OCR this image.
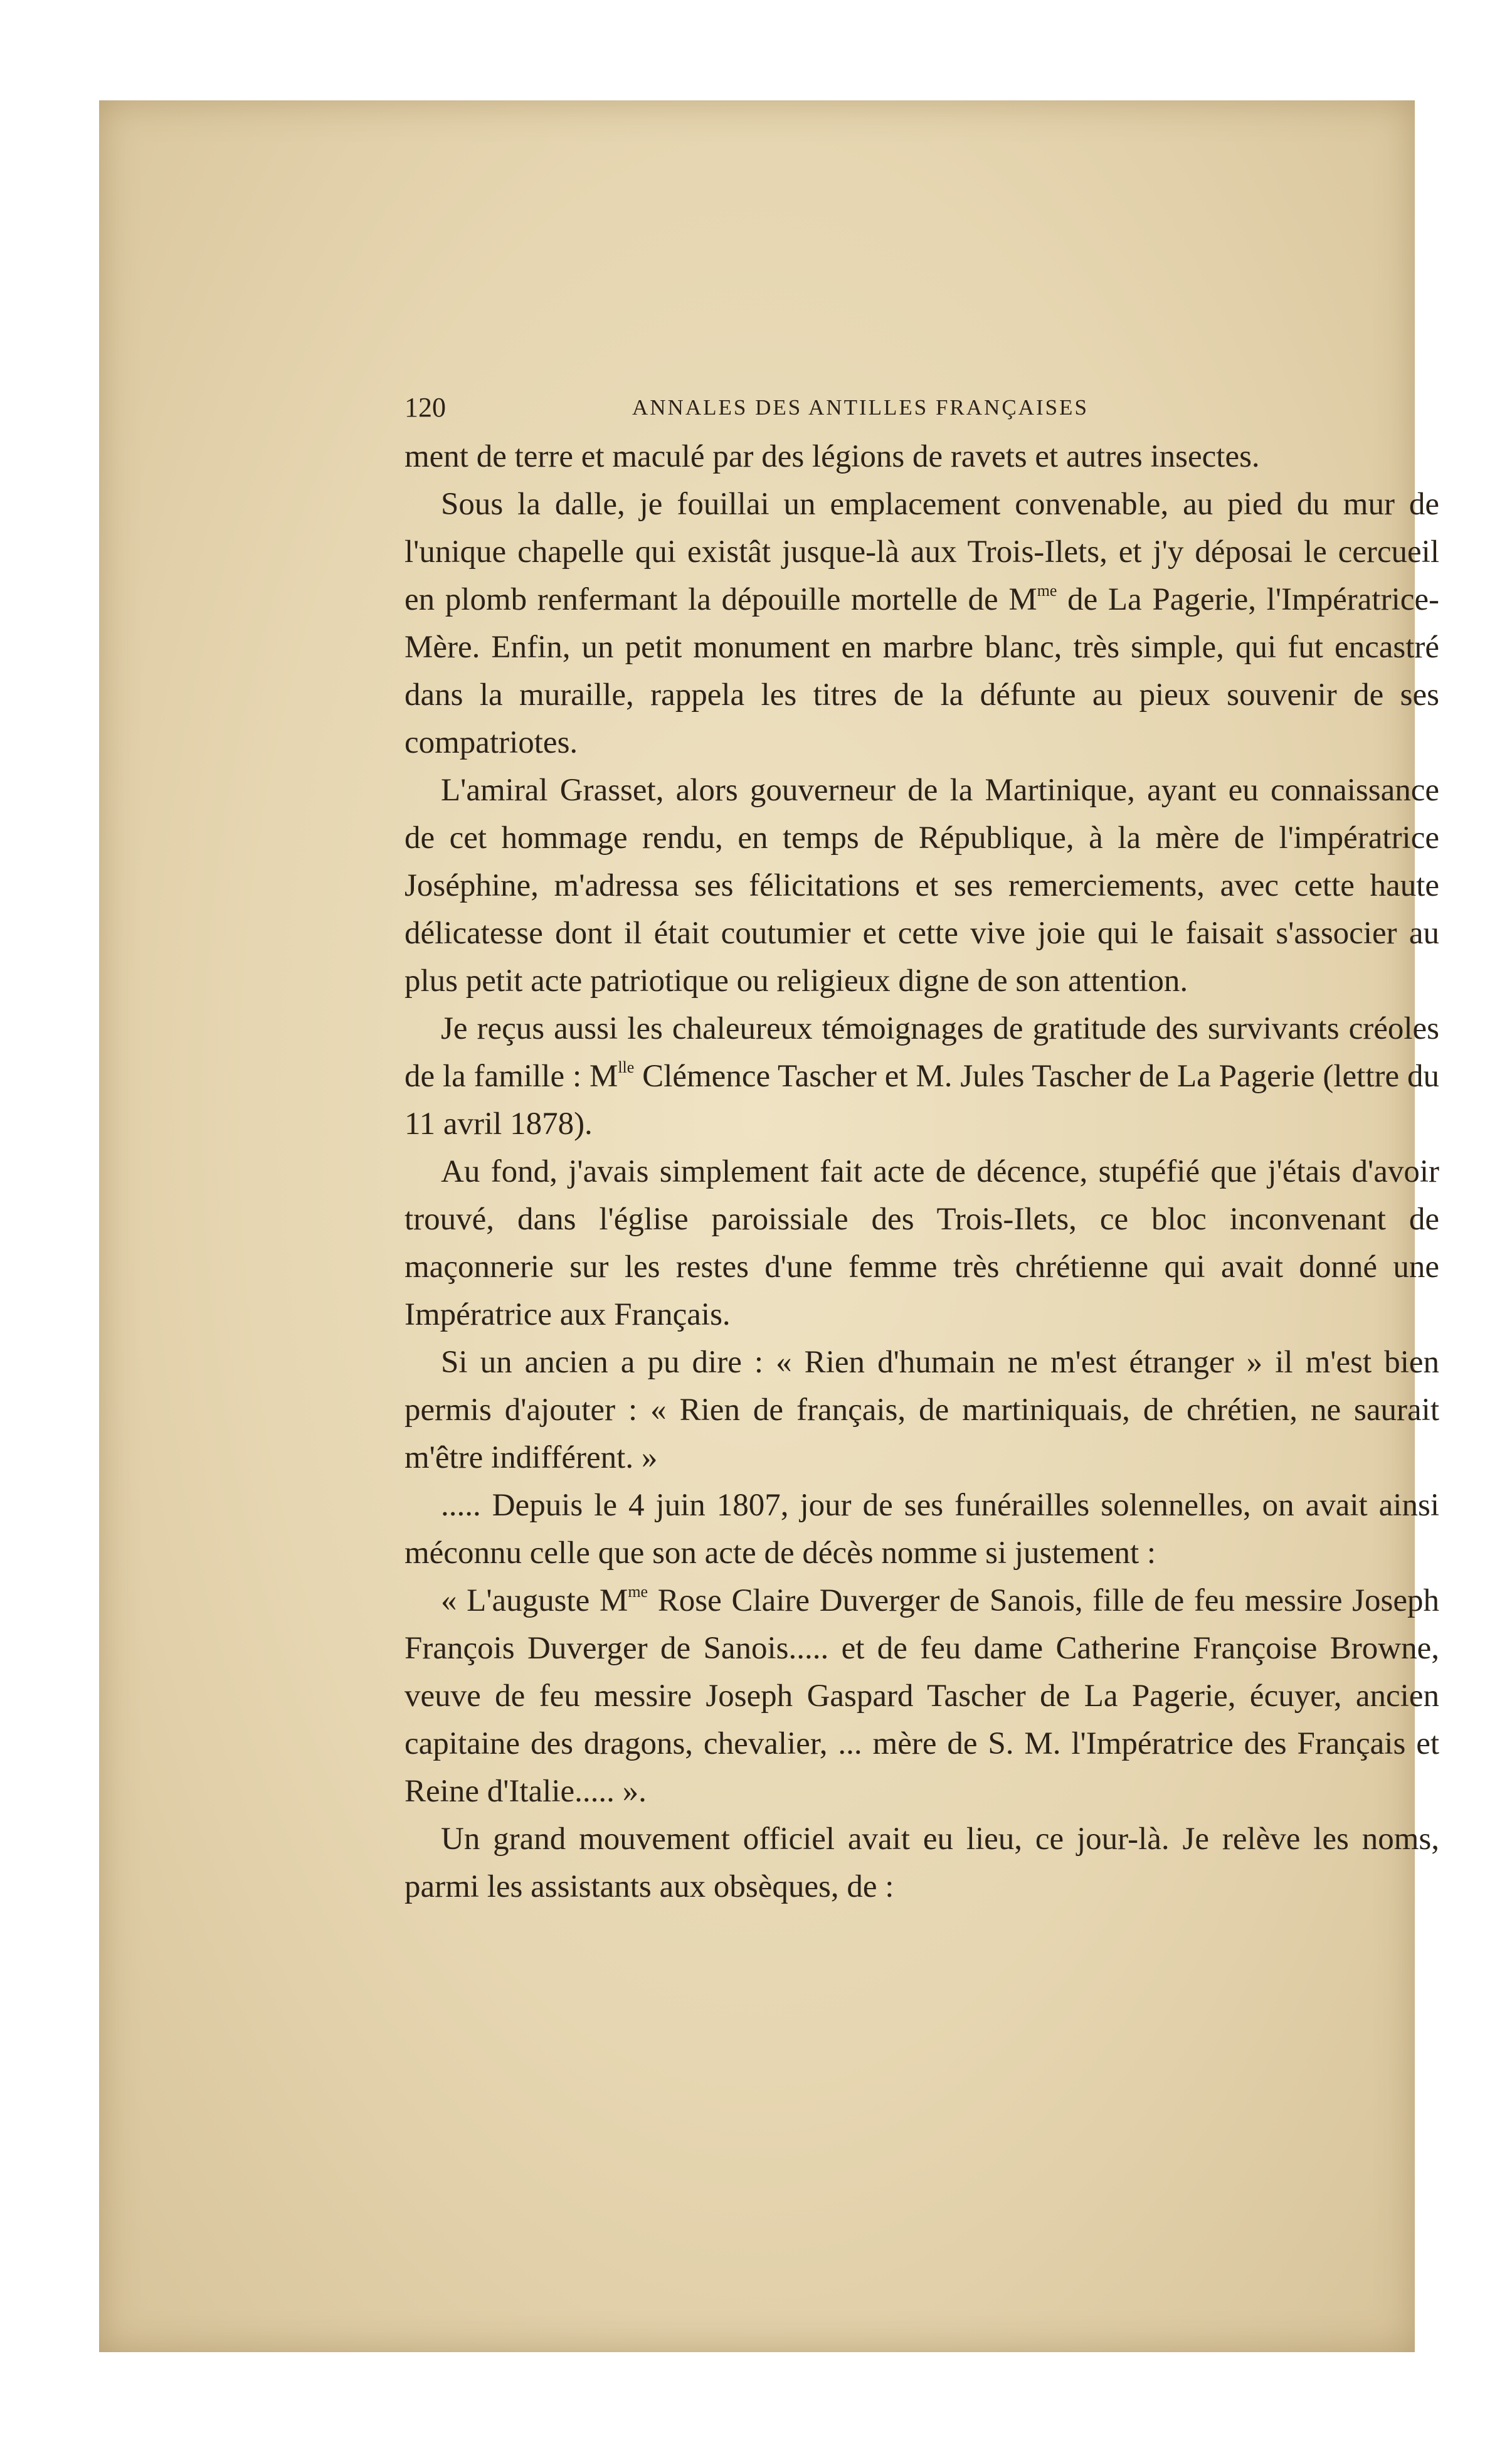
120	ANNALES DES ANTILLES FRANÇAISES

ment de terre et maculé par des légions de ravets et autres insectes.

Sous la dalle, je fouillai un emplacement convenable, au pied du mur de l'unique chapelle qui existât jusque-là aux Trois-Ilets, et j'y déposai le cercueil en plomb renfermant la dépouille mortelle de $M^{me}$ de La Pagerie, l'Impératrice-Mère. Enfin, un petit monument en marbre blanc, très simple, qui fut encastré dans la muraille, rappela les titres de la défunte au pieux souvenir de ses compatriotes.

L'amiral Grasset, alors gouverneur de la Martinique, ayant eu connaissance de cet hommage rendu, en temps de République, à la mère de l'impératrice Joséphine, m'adressa ses félicitations et ses remerciements, avec cette haute délicatesse dont il était coutumier et cette vive joie qui le faisait s'associer au plus petit acte patriotique ou religieux digne de son attention.

Je reçus aussi les chaleureux témoignages de gratitude des survivants créoles de la famille : $M^{lle}$ Clémence Tascher et M. Jules Tascher de La Pagerie (lettre du 11 avril 1878).

Au fond, j'avais simplement fait acte de décence, stupéfié que j'étais d'avoir trouvé, dans l'église paroissiale des Trois-Ilets, ce bloc inconvenant de maçonnerie sur les restes d'une femme très chrétienne qui avait donné une Impératrice aux Français.

Si un ancien a pu dire : « Rien d'humain ne m'est étranger » il m'est bien permis d'ajouter : « Rien de français, de martiniquais, de chrétien, ne saurait m'être indifférent. »

..... Depuis le 4 juin 1807, jour de ses funérailles solennelles, on avait ainsi méconnu celle que son acte de décès nomme si justement :

« L'auguste $M^{me}$ Rose Claire Duverger de Sanois, fille de feu messire Joseph François Duverger de Sanois..... et de feu dame Catherine Françoise Browne, veuve de feu messire Joseph Gaspard Tascher de La Pagerie, écuyer, ancien capitaine des dragons, chevalier, ... mère de S. M. l'Impératrice des Français et Reine d'Italie..... ».

Un grand mouvement officiel avait eu lieu, ce jour-là. Je relève les noms, parmi les assistants aux obsèques, de :
